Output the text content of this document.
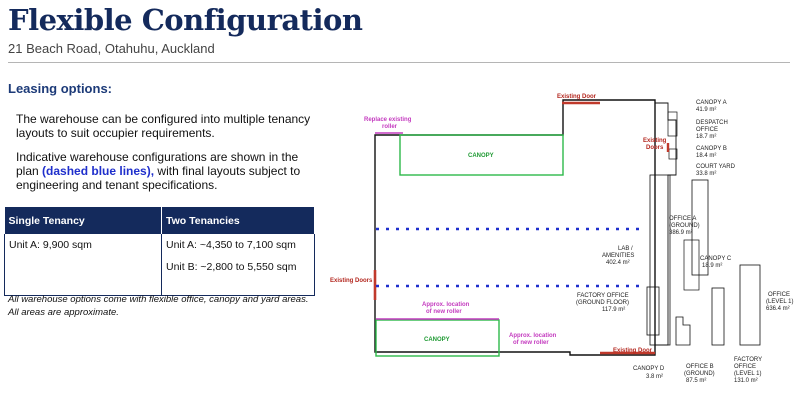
Flexible Configuration
21 Beach Road, Otahuhu, Auckland
Leasing options:
The warehouse can be configured into multiple tenancy layouts to suit occupier requirements.
Indicative warehouse configurations are shown in the plan (dashed blue lines), with final layouts subject to engineering and tenant specifications.
Single Tenancy	Two Tenancies

Unit A: 9,900 sqm	Unit A: ~4,350 to 7,100 sqm
Unit B: ~2,800 to 5,550 sqm
All warehouse options come with flexible office, canopy and yard areas. All areas are approximate.
Existing Door
Existing Doors
Existing Door
Existing
Doors
Replace existing
roller
Approx. location
of new roller
Approx. location
of new roller
CANOPY
CANOPY
CANOPY A
41.9 m²
DESPATCH
OFFICE
18.7 m²
CANOPY B
18.4 m²
COURT YARD
33.8 m²
OFFICE A
(GROUND)
386.9 m²
LAB /
AMENITIES
402.4 m²
CANOPY C
18.9 m²
FACTORY OFFICE
(GROUND FLOOR)
117.9 m²
OFFICE
(LEVEL 1)
636.4 m²
CANOPY D
3.8 m²
OFFICE B
(GROUND)
87.5 m²
FACTORY
OFFICE
(LEVEL 1)
131.0 m²
